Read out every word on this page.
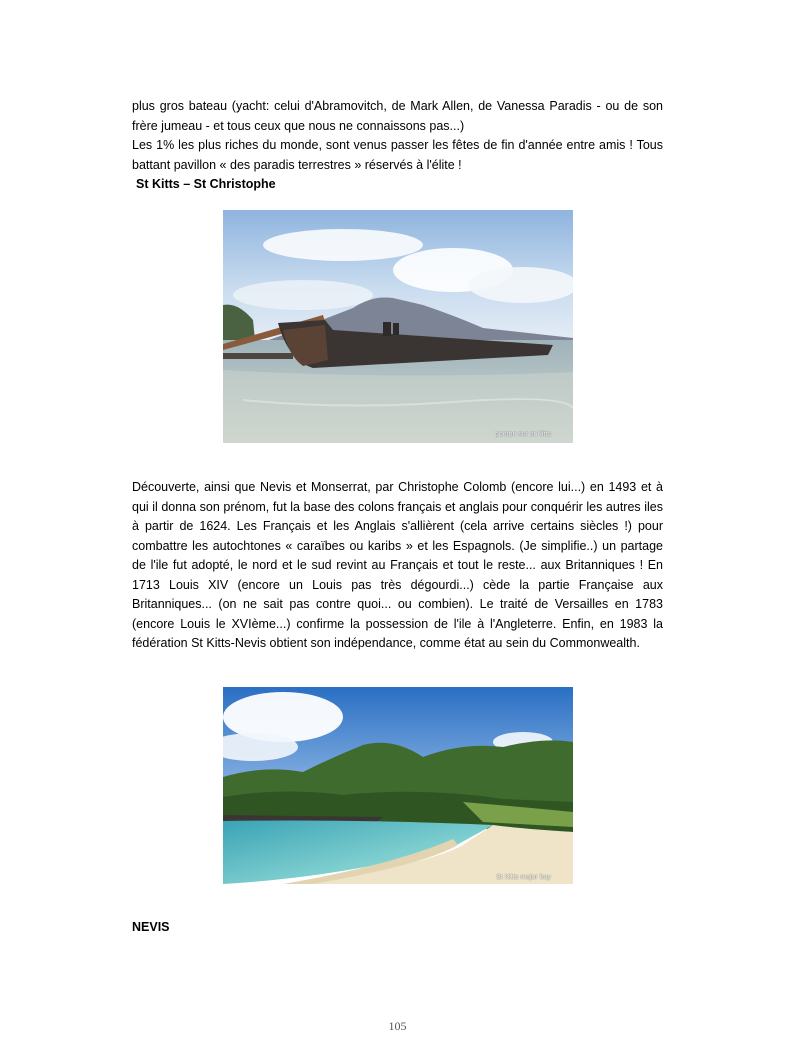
plus gros bateau (yacht: celui d'Abramovitch, de Mark Allen, de Vanessa Paradis - ou de son frère jumeau - et tous ceux que nous ne connaissons pas...)

Les 1% les plus riches du monde, sont venus passer les fêtes de fin d'année entre amis ! Tous battant pavillon « des paradis terrestres » réservés à l'élite !

St Kitts – St Christophe
ponton sur st Kitts

Découverte, ainsi que Nevis et Monserrat, par Christophe Colomb (encore lui...) en 1493 et à qui il donna son prénom, fut la base des colons français et anglais pour conquérir les autres iles à partir de 1624. Les Français et les Anglais s'allièrent (cela arrive certains siècles !) pour combattre les autochtones « caraïbes ou karibs » et les Espagnols. (Je simplifie..) un partage de l'ile fut adopté, le nord et le sud revint au Français et tout le reste... aux Britanniques ! En 1713 Louis XIV (encore un Louis pas très dégourdi...) cède la partie Française aux Britanniques... (on ne sait pas contre quoi... ou combien). Le traité de Versailles en 1783 (encore Louis le XVIème...) confirme la possession de l'ile à l'Angleterre. Enfin, en 1983 la fédération St Kitts-Nevis obtient son indépendance, comme état au sein du Commonwealth.

St Kitts major bay
NEVIS
105
